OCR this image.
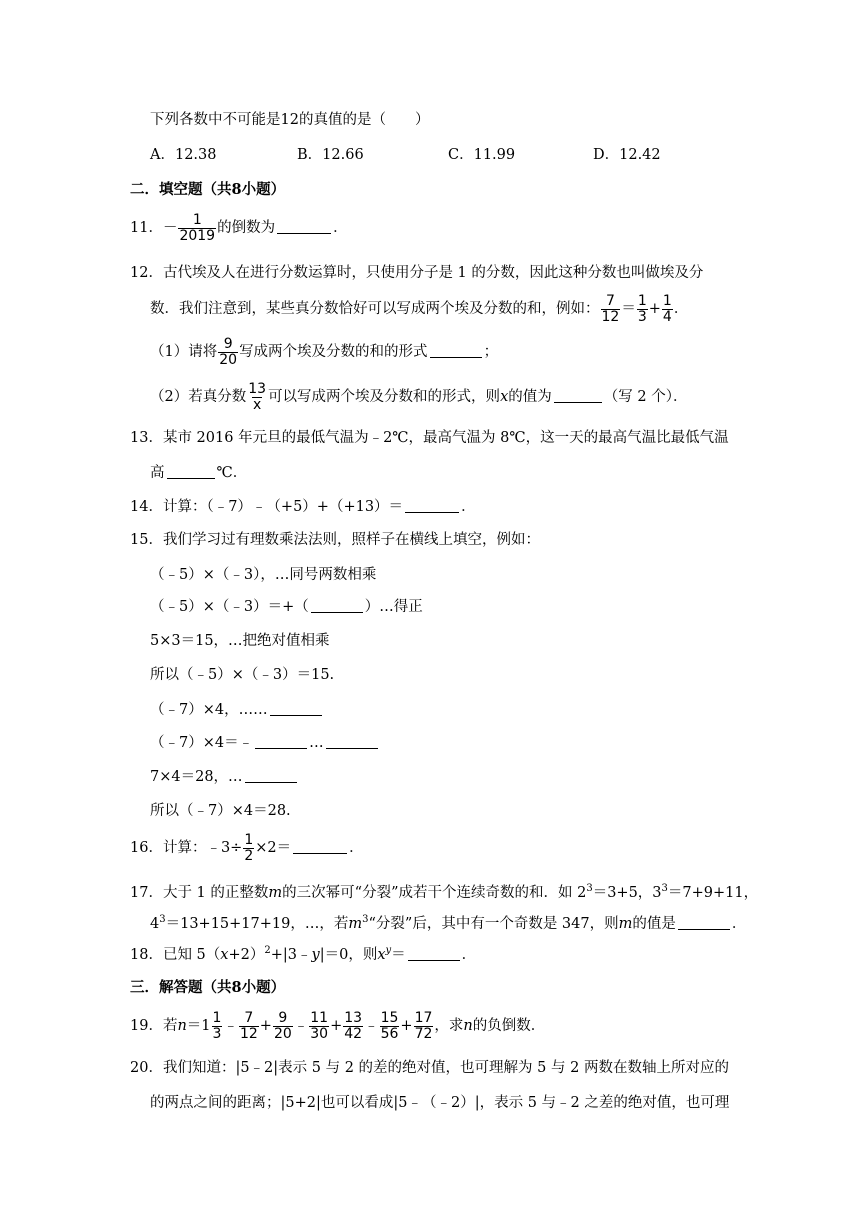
下列各数中不可能是12的真值的是（　　）
A．12.38	B．12.66	C．11.99	D．12.42
二．填空题（共8小题）
11．－ $\frac{1}{2019}$ 的倒数为	．
12．古代埃及人在进行分数运算时，只使用分子是 1 的分数，因此这种分数也叫做埃及分
数．我们注意到，某些真分数恰好可以写成两个埃及分数的和，例如： $\frac{7}{12} = \frac{1}{3} + \frac{1}{4}$ ．
（1）请将 $\frac{9}{20}$ 写成两个埃及分数的和的形式	；
（2）若真分数 $\frac{13}{x}$ 可以写成两个埃及分数和的形式，则x的值为	（写 2 个）．
13．某市 2016 年元旦的最低气温为﹣2℃，最高气温为 8℃，这一天的最高气温比最低气温
高	℃．
14．计算：（﹣7）﹣（+5）+（+13）＝	．
15．我们学习过有理数乘法法则，照样子在横线上填空，例如：
（﹣5）×（﹣3），…同号两数相乘
（﹣5）×（﹣3）＝+（	）…得正
5×3＝15，…把绝对值相乘
所以（﹣5）×（﹣3）＝15.
（﹣7）×4，……
（﹣7）×4＝﹣	…
7×4＝28，…
所以（﹣7）×4＝28.
16．计算：﹣3÷ $\frac{1}{2} \times 2=$	．
17．大于 1 的正整数m的三次幂可“分裂”成若干个连续奇数的和．如 $2^3=3+5$，$3^3=7+9+11$，
$4^3=13+15+17+19$，…，若$m^3“$分裂”后，其中有一个奇数是 347，则m的值是	．
18．已知 $5(x+2)^2+|3﹣y|=0$，则$x^y=$	．
三．解答题（共8小题）
19．若$n=1 \frac{1}{3}$ ﹣ $\frac{7}{12} + \frac{9}{20}$ ﹣ $\frac{11}{30} + \frac{13}{42}$ ﹣ $\frac{15}{56} + \frac{17}{72}$ ，求n的负倒数．
20．我们知道：|5﹣2|表示 5 与 2 的差的绝对值，也可理解为 5 与 2 两数在数轴上所对应的
的两点之间的距离；|5+2|也可以看成|5﹣（﹣2）|，表示 5 与﹣2 之差的绝对值，也可理
